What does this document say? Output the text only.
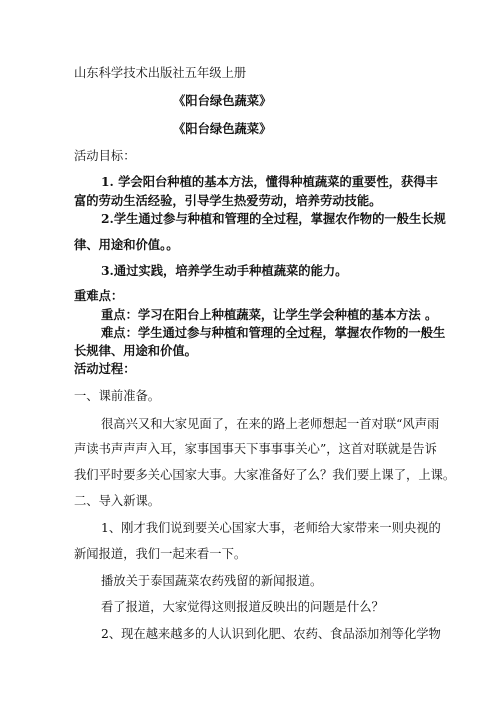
山东科学技术出版社五年级上册
《阳台绿色蔬菜》
《阳台绿色蔬菜》
活动目标：
1. 学会阳台种植的基本方法，懂得种植蔬菜的重要性，获得丰
富的劳动生活经验，引导学生热爱劳动，培养劳动技能。
2.学生通过参与种植和管理的全过程，掌握农作物的一般生长规
律、用途和价值。。
3.通过实践，培养学生动手种植蔬菜的能力。
重难点：
重点：学习在阳台上种植蔬菜，让学生学会种植的基本方法 。
难点：学生通过参与种植和管理的全过程，掌握农作物的一般生
长规律、用途和价值。
活动过程：
一、课前准备。
很高兴又和大家见面了，在来的路上老师想起一首对联“风声雨
声读书声声声入耳，家事国事天下事事事关心”，这首对联就是告诉
我们平时要多关心国家大事。大家准备好了么？我们要上课了，上课。
二、导入新课。
1、刚才我们说到要关心国家大事，老师给大家带来一则央视的
新闻报道，我们一起来看一下。
播放关于泰国蔬菜农药残留的新闻报道。
看了报道，大家觉得这则报道反映出的问题是什么？
2、现在越来越多的人认识到化肥、农药、食品添加剂等化学物
